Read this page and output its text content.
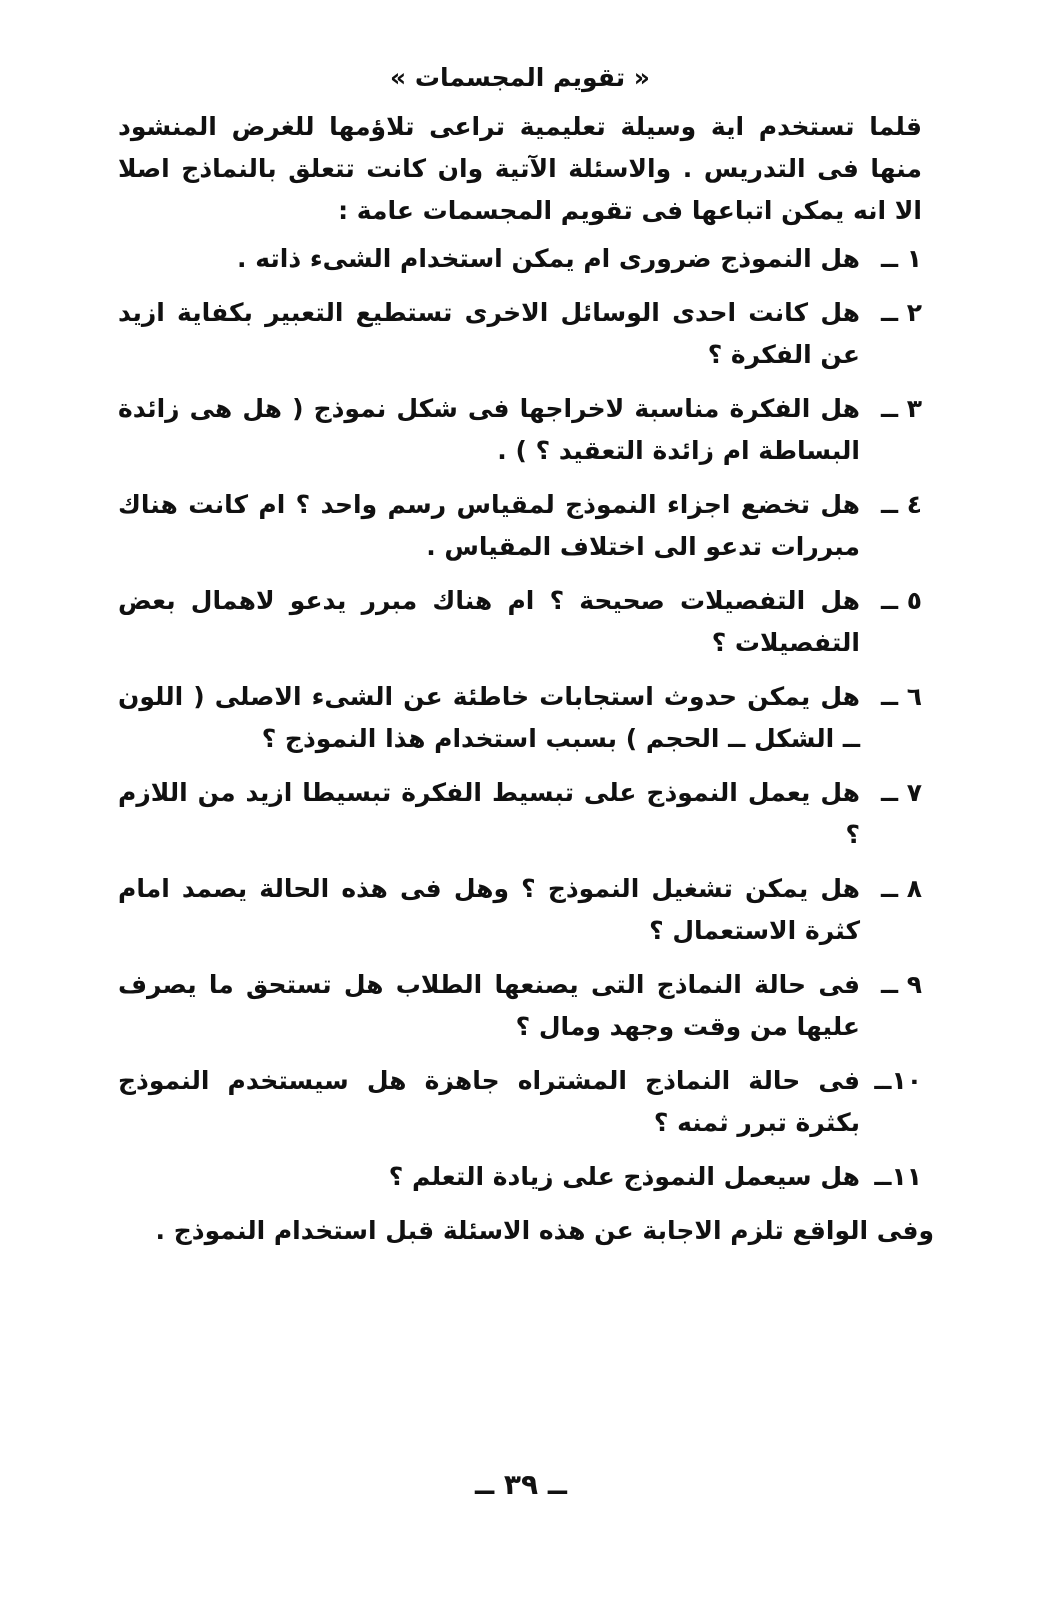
« تقويم المجسمات »

قلما تستخدم اية وسيلة تعليمية تراعى تلاؤمها للغرض المنشود منها فى التدريس . والاسئلة الآتية وان كانت تتعلق بالنماذج اصلا الا انه يمكن اتباعها فى تقويم المجسمات عامة :

١ ــ
هل النموذج ضرورى ام يمكن استخدام الشىء ذاته .
٢ ــ
هل كانت احدى الوسائل الاخرى تستطيع التعبير بكفاية ازيد عن الفكرة ؟
٣ ــ
هل الفكرة مناسبة لاخراجها فى شكل نموذج ( هل هى زائدة البساطة ام زائدة التعقيد ؟ ) .
٤ ــ
هل تخضع اجزاء النموذج لمقياس رسم واحد ؟ ام كانت هناك مبررات تدعو الى اختلاف المقياس .
٥ ــ
هل التفصيلات صحيحة ؟ ام هناك مبرر يدعو لاهمال بعض التفصيلات ؟
٦ ــ
هل يمكن حدوث استجابات خاطئة عن الشىء الاصلى ( اللون ــ الشكل ــ الحجم ) بسبب استخدام هذا النموذج ؟
٧ ــ
هل يعمل النموذج على تبسيط الفكرة تبسيطا ازيد من اللازم ؟
٨ ــ
هل يمكن تشغيل النموذج ؟ وهل فى هذه الحالة يصمد امام كثرة الاستعمال ؟
٩ ــ
فى حالة النماذج التى يصنعها الطلاب هل تستحق ما يصرف عليها من وقت وجهد ومال ؟
١٠ــ
فى حالة النماذج المشتراه جاهزة هل سيستخدم النموذج بكثرة تبرر ثمنه ؟
١١ــ
هل سيعمل النموذج على زيادة التعلم ؟

وفى الواقع تلزم الاجابة عن هذه الاسئلة قبل استخدام النموذج .

ــ ٣٩ ــ
